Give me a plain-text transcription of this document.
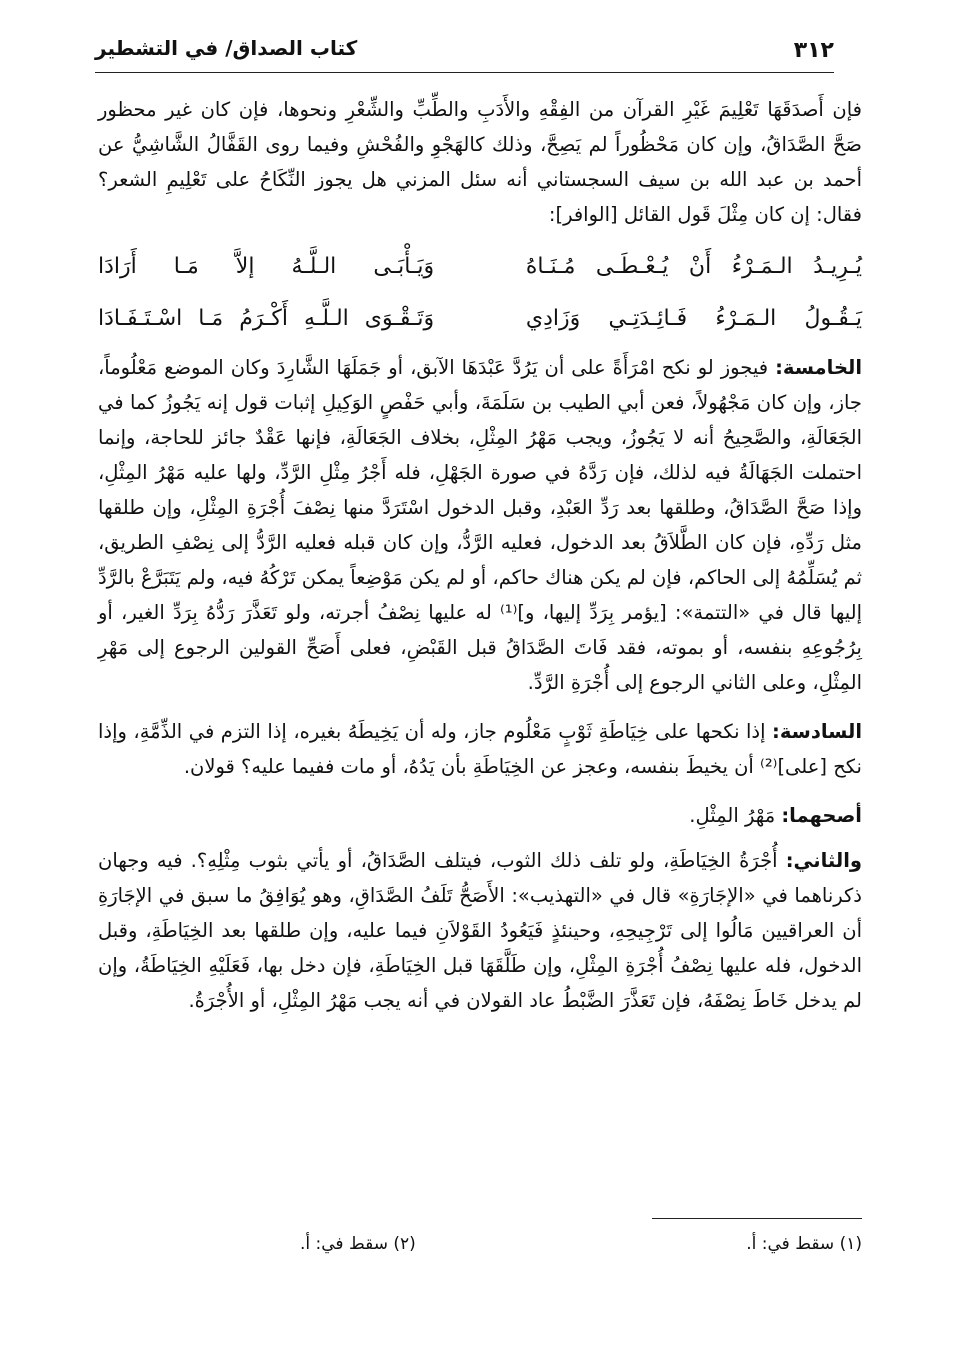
٣١٢
كتاب الصداق/ في التشطير

فإن أَصدَقَهَا تَعْلِيمَ غَيْرِ القرآن من الفِقْهِ والأَدَبِ والطِّبِّ والشِّعْرِ ونحوها، فإن كان غير محظور صَحَّ الصَّدَاقُ، وإن كان مَحْظُوراً لم يَصِحَّ، وذلك كالهَجْوِ والفُحْشِ وفيما روى القَفَّالُ الشَّاشِيُّ عن أحمد بن عبد الله بن سيف السجستاني أنه سئل المزني هل يجوز النِّكَاحُ على تَعْلِيمِ الشعر؟ فقال: إن كان مِثْلَ قَول القائل [الوافر]:

يُـرِيـدُ الـمَـرْءُ أَنْ يُـعْـطَـى مُـنَـاهُ
وَيَـأْبَـى الـلَّـهُ إلاَّ مَـا أَرَادَا
يَـقُـولُ الـمَـرْءُ فَـائِـدَتِـي وَزَادِي
وَتَـقْـوَى الـلَّـهِ أَكْـرَمُ مَـا اسْـتَـفَـادَا

الخامسة: فيجوز لو نكح امْرَأَةً على أن يَرُدَّ عَبْدَهَا الآبق، أو جَمَلَهَا الشَّارِدَ وكان الموضع مَعْلُوماً، جاز، وإن كان مَجْهُولاً، فعن أبي الطيب بن سَلَمَةَ، وأبي حَفْصٍ الوَكِيلِ إثبات قول إنه يَجُوزُ كما في الجَعَالَةِ، والصَّحِيحُ أنه لا يَجُوزُ، ويجب مَهْرُ المِثْلِ، بخلاف الجَعَالَةِ، فإنها عَقْدٌ جائز للحاجة، وإنما احتملت الجَهَالَةُ فيه لذلك، فإن رَدَّهُ في صورة الجَهْلِ، فله أَجْرُ مِثْلِ الرَّدِّ، ولها عليه مَهْرُ المِثْلِ، وإذا صَحَّ الصَّدَاقُ، وطلقها بعد رَدِّ العَبْدِ، وقبل الدخول اسْتَرَدَّ منها نِصْفَ أُجْرَةِ المِثْلِ، وإن طلقها مثل رَدِّهِ، فإن كان الطَّلاَقُ بعد الدخول، فعليه الرَّدُّ، وإن كان قبله فعليه الرَّدُّ إلى نِصْفِ الطريق، ثم يُسَلِّمُهُ إلى الحاكم، فإن لم يكن هناك حاكم، أو لم يكن مَوْضِعاً يمكن تَرْكُهُ فيه، ولم يَتَبَرَّعْ بالرَّدِّ إليها قال في «التتمة»: [يؤمر بِرَدِّ إليها، و]⁽¹⁾ له عليها نِصْفُ أجرته، ولو تَعَذَّرَ رَدُّهُ بِرَدِّ الغير، أو بِرُجُوعِهِ بنفسه، أو بموته، فقد فَاتَ الصَّدَاقُ قبل القَبْضِ، فعلى أَصَحِّ القولين الرجوع إلى مَهْرِ المِثْلِ، وعلى الثاني الرجوع إلى أُجْرَةِ الرَّدِّ.

السادسة: إذا نكحها على خِيَاطَةِ ثَوْبٍ مَعْلُوم جاز، وله أن يَخِيطَهُ بغيره، إذا التزم في الذِّمَّةِ، وإذا نكح [على]⁽²⁾ أن يخيطَ بنفسه، وعجز عن الخِيَاطَةِ بأن يَدُهُ، أو مات ففيما عليه؟ قولان.

أصحهما: مَهْرُ المِثْلِ.

والثاني: أُجْرَةُ الخِيَاطَةِ، ولو تلف ذلك الثوب، فيتلف الصَّدَاقُ، أو يأتي بثوب مِثْلِهِ؟. فيه وجهان ذكرناهما في «الإجَارَةِ» قال في «التهذيب»: الأَصَحُّ تَلَفُ الصَّدَاقِ، وهو يُوَافِقُ ما سبق في الإجَارَةِ أن العراقيين مَالُوا إلى تَرْجِيحِهِ، وحينئذٍ فَيَعُودُ القَوْلاَنِ فيما عليه، وإن طلقها بعد الخِيَاطَةِ، وقبل الدخول، فله عليها نِصْفُ أُجْرَةِ المِثْلِ، وإن طَلَّقَهَا قبل الخِيَاطَةِ، فإن دخل بها، فَعَلَيْهِ الخِيَاطَةُ، وإن لم يدخل خَاطَ نِصْفَهُ، فإن تَعَذَّرَ الضَّبْطُ عاد القولان في أنه يجب مَهْرُ المِثْلِ، أو الأُجْرَةُ.

(١) سقط في: أ.
(٢) سقط في: أ.
